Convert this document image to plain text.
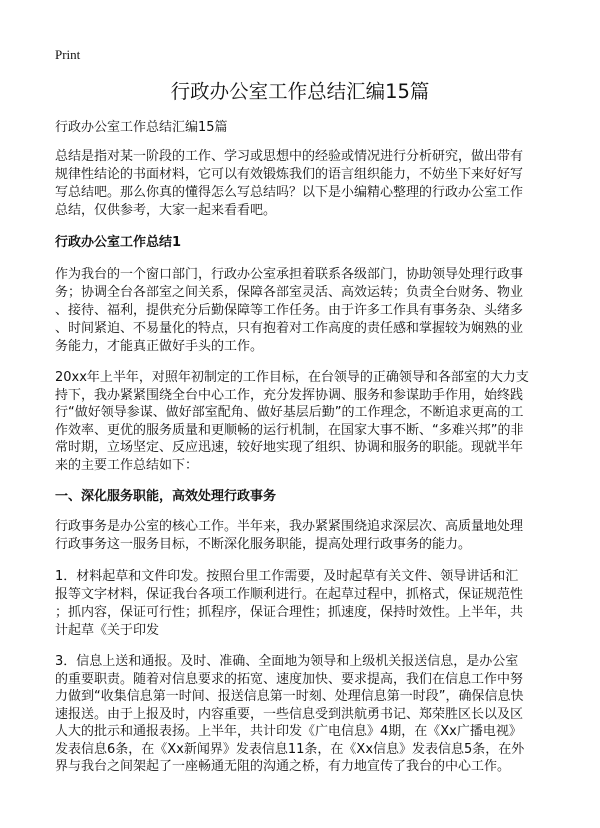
Print
行政办公室工作总结汇编15篇
行政办公室工作总结汇编15篇
总结是指对某一阶段的工作、学习或思想中的经验或情况进行分析研究，做出带有
规律性结论的书面材料，它可以有效锻炼我们的语言组织能力，不妨坐下来好好写
写总结吧。那么你真的懂得怎么写总结吗？以下是小编精心整理的行政办公室工作
总结，仅供参考，大家一起来看看吧。
行政办公室工作总结1
作为我台的一个窗口部门，行政办公室承担着联系各级部门，协助领导处理行政事
务；协调全台各部室之间关系，保障各部室灵活、高效运转；负责全台财务、物业
、接待、福利，提供充分后勤保障等工作任务。由于许多工作具有事务杂、头绪多
、时间紧迫、不易量化的特点，只有抱着对工作高度的责任感和掌握较为娴熟的业
务能力，才能真正做好手头的工作。
20xx年上半年，对照年初制定的工作目标，在台领导的正确领导和各部室的大力支
持下，我办紧紧围绕全台中心工作，充分发挥协调、服务和参谋助手作用，始终践
行“做好领导参谋、做好部室配角、做好基层后勤”的工作理念，不断追求更高的工
作效率、更优的服务质量和更顺畅的运行机制，在国家大事不断、“多难兴邦”的非
常时期，立场坚定、反应迅速，较好地实现了组织、协调和服务的职能。现就半年
来的主要工作总结如下：
一、深化服务职能，高效处理行政事务
行政事务是办公室的核心工作。半年来，我办紧紧围绕追求深层次、高质量地处理
行政事务这一服务目标，不断深化服务职能，提高处理行政事务的能力。
1．材料起草和文件印发。按照台里工作需要，及时起草有关文件、领导讲话和汇
报等文字材料，保证我台各项工作顺利进行。在起草过程中，抓格式，保证规范性
；抓内容，保证可行性；抓程序，保证合理性；抓速度，保持时效性。上半年，共
计起草《关于印发
3．信息上送和通报。及时、准确、全面地为领导和上级机关报送信息，是办公室
的重要职责。随着对信息要求的拓宽、速度加快、要求提高，我们在信息工作中努
力做到“收集信息第一时间、报送信息第一时刻、处理信息第一时段”，确保信息快
速报送。由于上报及时，内容重要，一些信息受到洪航勇书记、郑荣胜区长以及区
人大的批示和通报表扬。上半年，共计印发《广电信息》4期，在《Xx广播电视》
发表信息6条，在《Xx新闻界》发表信息11条，在《Xx信息》发表信息5条，在外
界与我台之间架起了一座畅通无阻的沟通之桥，有力地宣传了我台的中心工作。
